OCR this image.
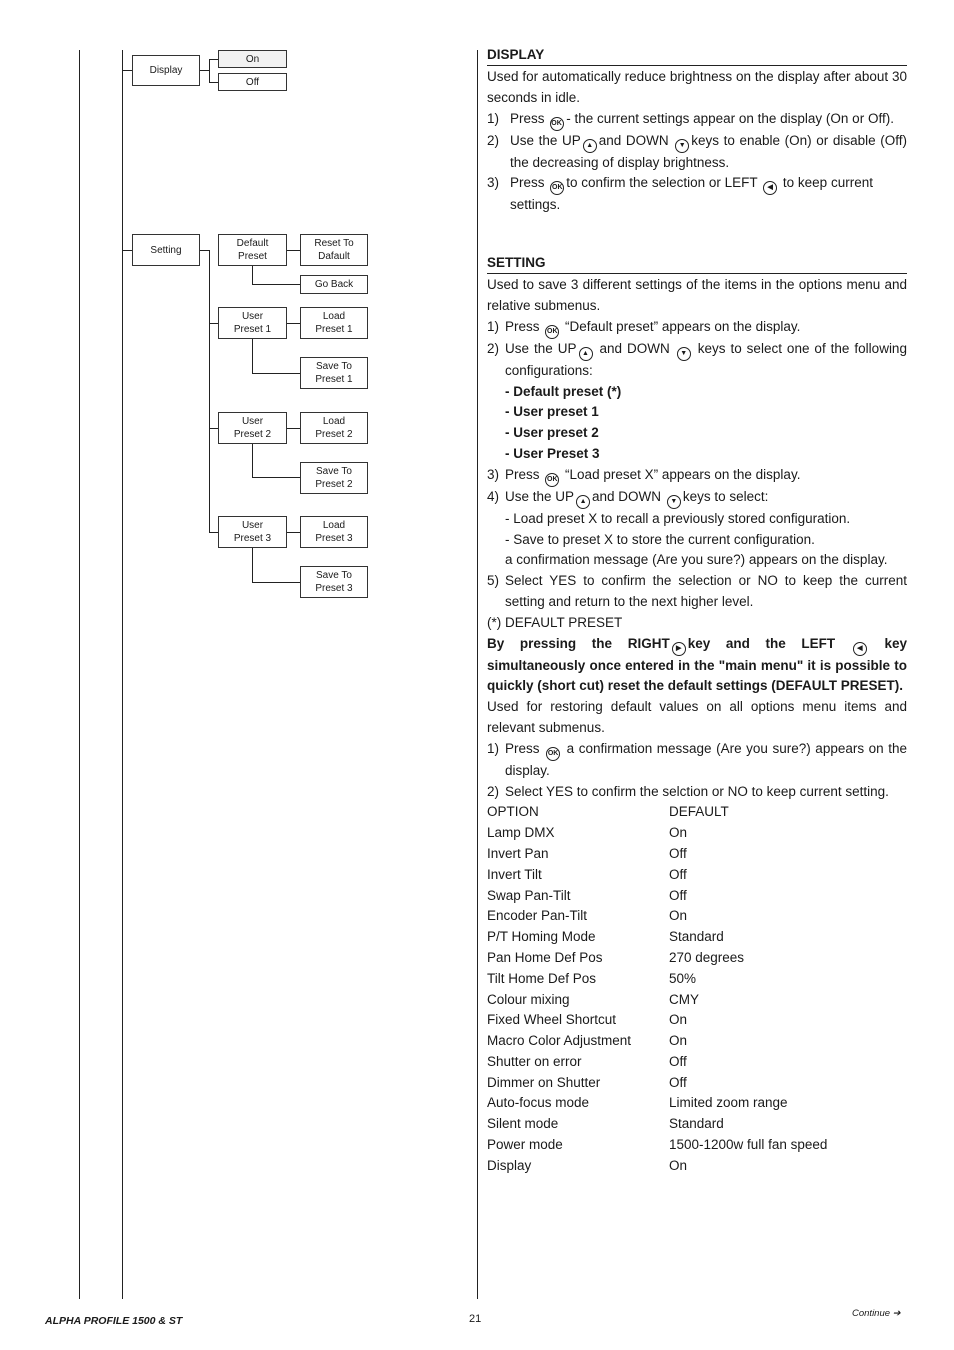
Display
On
Off
Setting
Default
Preset
Reset To
Dafault
Go Back
User
Preset 1
Load
Preset 1
Save To
Preset 1
User
Preset 2
Load
Preset 2
Save To
Preset 2
User
Preset 3
Load
Preset 3
Save To
Preset 3
DISPLAY
Used for automatically reduce brightness on the display after about 30 seconds in idle.
1) Press OK - the current settings appear on the display (On or Off).
2) Use the UP ▲ and DOWN ▼ keys to enable (On) or disable (Off) the decreasing of display brightness.
3) Press OK to confirm the selection or LEFT ◀ to keep current settings.
SETTING
Used to save 3 different settings of the items in the options menu and relative submenus.
1) Press OK “Default preset” appears on the display.
2) Use the UP ▲ and DOWN ▼ keys to select one of the following configurations:
- Default preset (*)
- User preset 1
- User preset 2
- User Preset 3
3) Press OK “Load preset X” appears on the display.
4) Use the UP ▲ and DOWN ▼ keys to select:
- Load preset X to recall a previously stored configuration.
- Save to preset X to store the current configuration.
a confirmation message (Are you sure?) appears on the display.
5) Select YES to confirm the selection or NO to keep the current setting and return to the next higher level.
(*) DEFAULT PRESET
By pressing the RIGHT ▶ key and the LEFT	◀ key simultaneously once entered in the "main menu" it is possible to quickly (short cut) reset the default settings (DEFAULT PRESET).
Used for restoring default values on all options menu items and relevant submenus.
1) Press OK a confirmation message (Are you sure?) appears on the display.
2) Select YES to confirm the selction or NO to keep current setting.
OPTION	DEFAULT
Lamp DMX	On
Invert Pan	Off
Invert Tilt	Off
Swap Pan-Tilt	Off
Encoder Pan-Tilt	On
P/T Homing Mode	Standard
Pan Home Def Pos	270 degrees
Tilt Home Def Pos	50%
Colour mixing	CMY
Fixed Wheel Shortcut	On
Macro Color Adjustment	On
Shutter on error	Off
Dimmer on Shutter	Off
Auto-focus mode	Limited zoom range
Silent mode	Standard
Power mode	1500-1200w full fan speed
Display	On
ALPHA PROFILE 1500 & ST	21	Continue ➔
